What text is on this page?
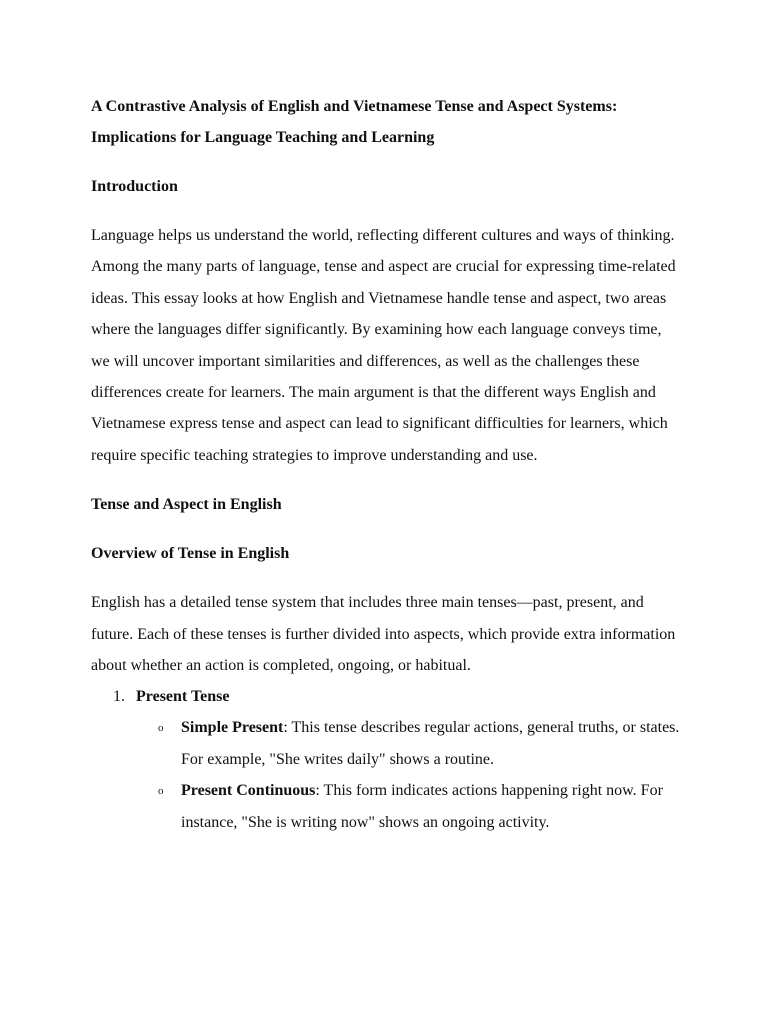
A Contrastive Analysis of English and Vietnamese Tense and Aspect Systems:
Implications for Language Teaching and Learning

Introduction

Language helps us understand the world, reflecting different cultures and ways of thinking. Among the many parts of language, tense and aspect are crucial for expressing time-related ideas. This essay looks at how English and Vietnamese handle tense and aspect, two areas where the languages differ significantly. By examining how each language conveys time, we will uncover important similarities and differences, as well as the challenges these differences create for learners. The main argument is that the different ways English and Vietnamese express tense and aspect can lead to significant difficulties for learners, which require specific teaching strategies to improve understanding and use.

Tense and Aspect in English

Overview of Tense in English

English has a detailed tense system that includes three main tenses—past, present, and future. Each of these tenses is further divided into aspects, which provide extra information about whether an action is completed, ongoing, or habitual.

1. Present Tense
o Simple Present: This tense describes regular actions, general truths, or states. For example, "She writes daily" shows a routine.
o Present Continuous: This form indicates actions happening right now. For instance, "She is writing now" shows an ongoing activity.
